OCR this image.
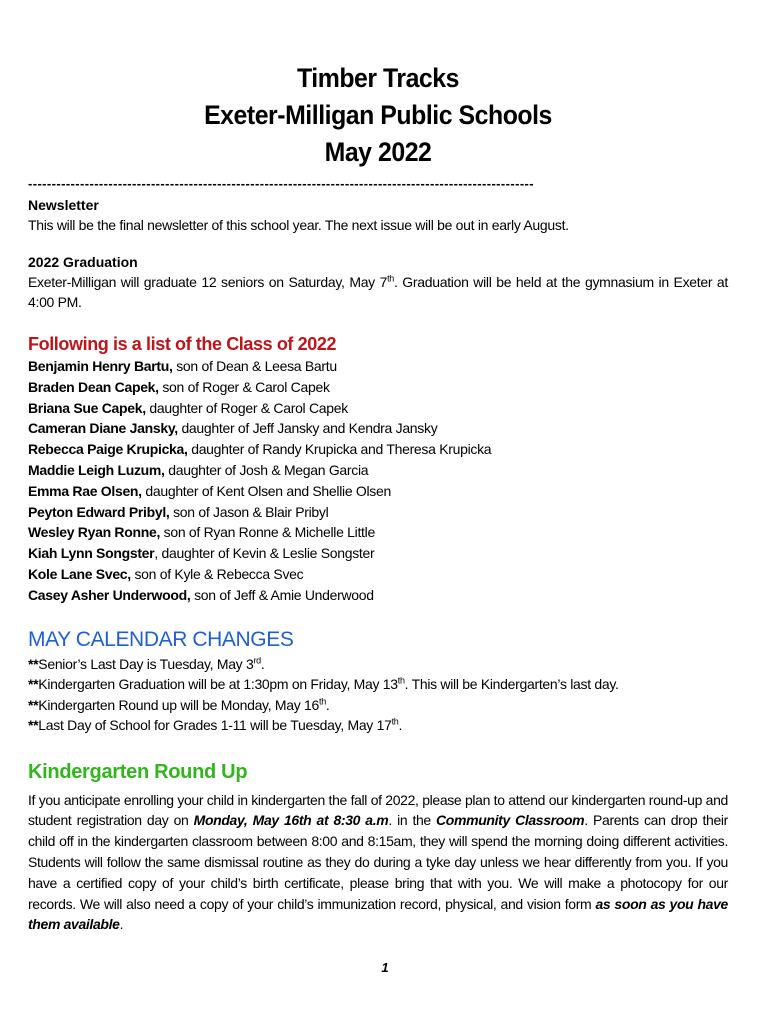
Timber Tracks
Exeter-Milligan Public Schools
May 2022
-----------------------------------------------------------------------------------------------------------
Newsletter
This will be the final newsletter of this school year. The next issue will be out in early August.
2022 Graduation
Exeter-Milligan will graduate 12 seniors on Saturday, May 7th. Graduation will be held at the gymnasium in Exeter at 4:00 PM.
Following is a list of the Class of 2022
Benjamin Henry Bartu, son of Dean & Leesa Bartu
Braden Dean Capek, son of Roger & Carol Capek
Briana Sue Capek, daughter of Roger & Carol Capek
Cameran Diane Jansky, daughter of Jeff Jansky and Kendra Jansky
Rebecca Paige Krupicka, daughter of Randy Krupicka and Theresa Krupicka
Maddie Leigh Luzum, daughter of Josh & Megan Garcia
Emma Rae Olsen, daughter of Kent Olsen and Shellie Olsen
Peyton Edward Pribyl, son of Jason & Blair Pribyl
Wesley Ryan Ronne, son of Ryan Ronne & Michelle Little
Kiah Lynn Songster, daughter of Kevin & Leslie Songster
Kole Lane Svec, son of Kyle & Rebecca Svec
Casey Asher Underwood, son of Jeff & Amie Underwood
MAY CALENDAR CHANGES
**Senior’s Last Day is Tuesday, May 3rd.
**Kindergarten Graduation will be at 1:30pm on Friday, May 13th. This will be Kindergarten’s last day.
**Kindergarten Round up will be Monday, May 16th.
**Last Day of School for Grades 1-11 will be Tuesday, May 17th.
Kindergarten Round Up
If you anticipate enrolling your child in kindergarten the fall of 2022, please plan to attend our kindergarten round-up and student registration day on Monday, May 16th at 8:30 a.m. in the Community Classroom. Parents can drop their child off in the kindergarten classroom between 8:00 and 8:15am, they will spend the morning doing different activities. Students will follow the same dismissal routine as they do during a tyke day unless we hear differently from you. If you have a certified copy of your child’s birth certificate, please bring that with you. We will make a photocopy for our records. We will also need a copy of your child’s immunization record, physical, and vision form as soon as you have them available.
1
